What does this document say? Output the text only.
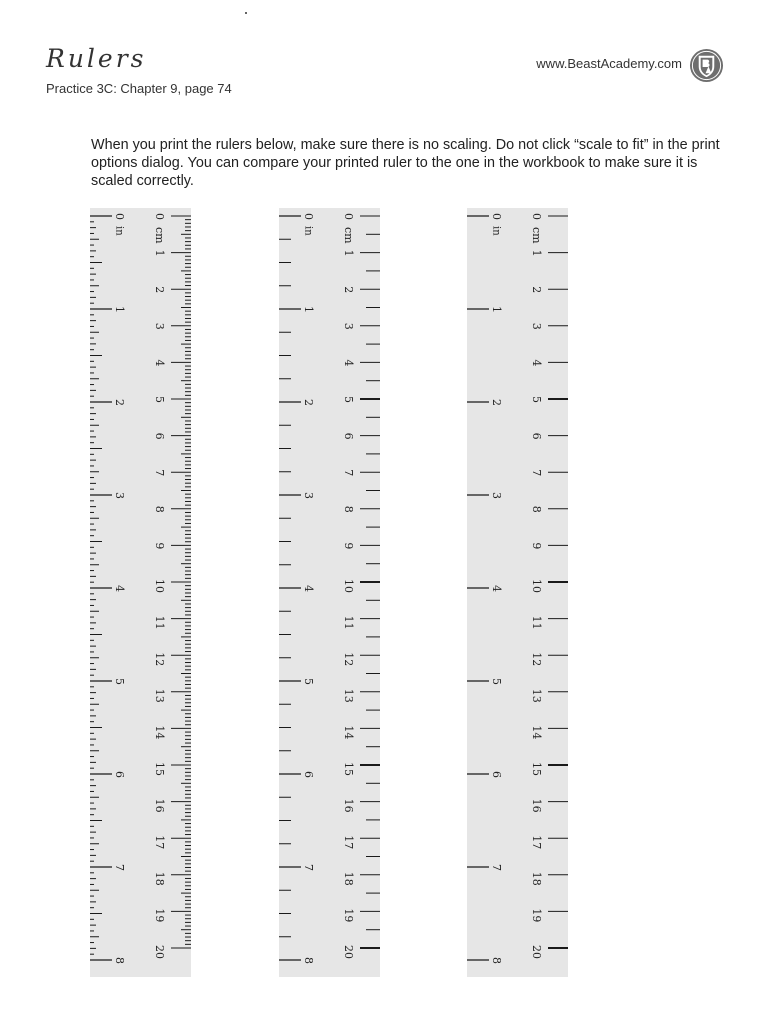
Rulers
Practice 3C: Chapter 9, page 74
www.BeastAcademy.com
When you print the rulers below, make sure there is no scaling. Do not click “scale to fit” in the print options dialog. You can compare your printed ruler to the one in the workbook to make sure it is scaled correctly.
0
1
2
3
4
5
6
7
8
in
0
1
2
3
4
5
6
7
8
9
10
11
12
13
14
15
16
17
18
19
20
cm
0
1
2
3
4
5
6
7
8
in
0
1
2
3
4
5
6
7
8
9
10
11
12
13
14
15
16
17
18
19
20
cm
0
1
2
3
4
5
6
7
8
in
0
1
2
3
4
5
6
7
8
9
10
11
12
13
14
15
16
17
18
19
20
cm
